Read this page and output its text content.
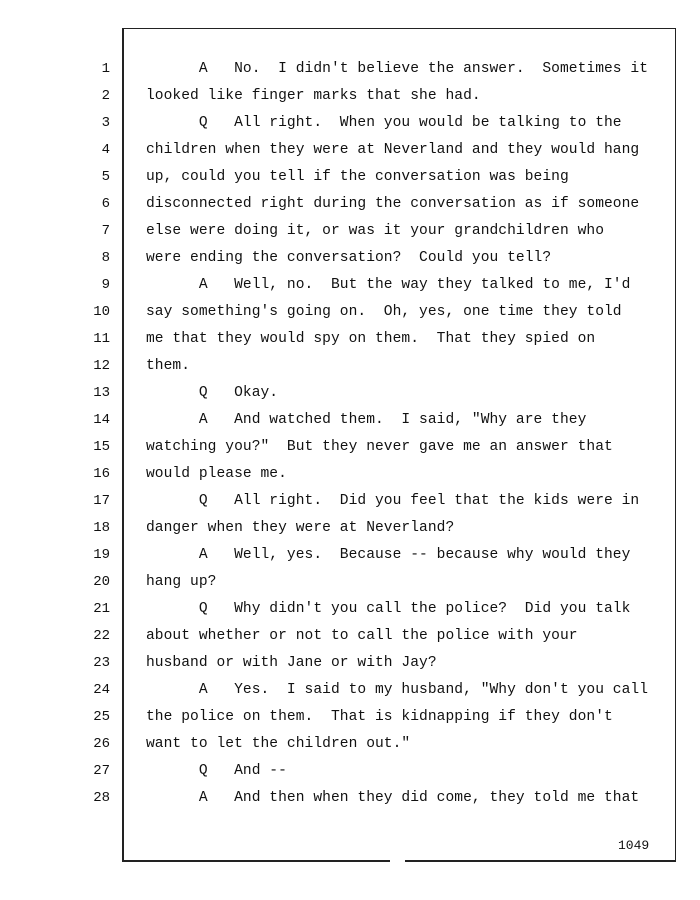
1
2
3
4
5
6
7
8
9
10
11
12
13
14
15
16
17
18
19
20
21
22
23
24
25
26
27
28
A   No.  I didn't believe the answer.  Sometimes it
looked like finger marks that she had.
Q   All right.  When you would be talking to the
children when they were at Neverland and they would hang
up, could you tell if the conversation was being
disconnected right during the conversation as if someone
else were doing it, or was it your grandchildren who
were ending the conversation?  Could you tell?
A   Well, no.  But the way they talked to me, I'd
say something's going on.  Oh, yes, one time they told
me that they would spy on them.  That they spied on
them.
Q   Okay.
A   And watched them.  I said, "Why are they
watching you?"  But they never gave me an answer that
would please me.
Q   All right.  Did you feel that the kids were in
danger when they were at Neverland?
A   Well, yes.  Because -- because why would they
hang up?
Q   Why didn't you call the police?  Did you talk
about whether or not to call the police with your
husband or with Jane or with Jay?
A   Yes.  I said to my husband, "Why don't you call
the police on them.  That is kidnapping if they don't
want to let the children out."
Q   And --
A   And then when they did come, they told me that
1049
